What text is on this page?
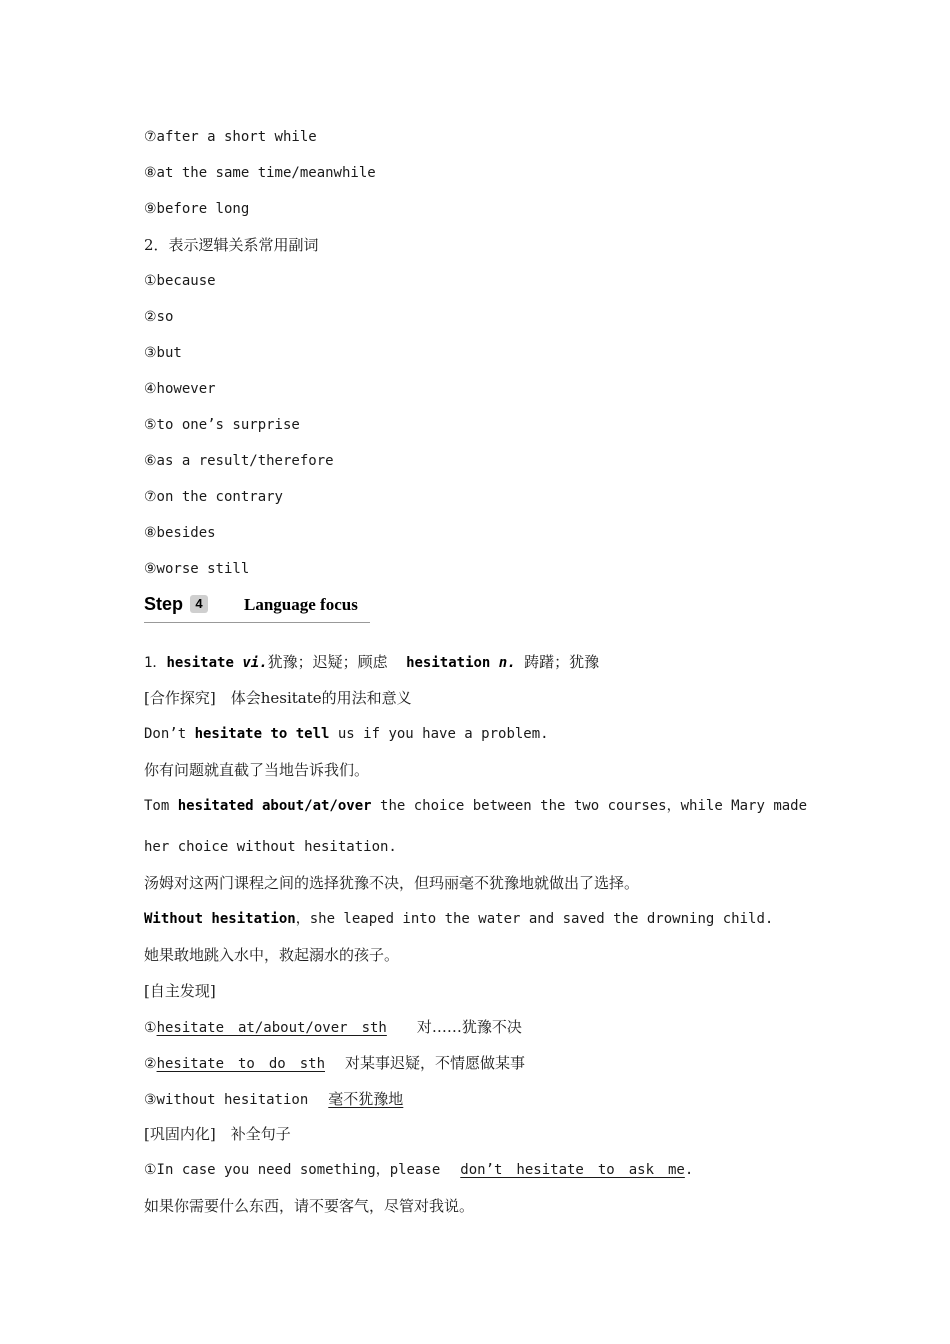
⑦after a short while
⑧at the same time/meanwhile
⑨before long
2．表示逻辑关系常用副词
①because
②so
③but
④however
⑤to one’s surprise
⑥as a result/therefore
⑦on the contrary
⑧besides
⑨worse still
Step 4	Language focus
1．hesitate vi.犹豫；迟疑；顾虑 hesitation n. 踌躇；犹豫
[合作探究]　体会hesitate的用法和意义
Don’t hesitate to tell us if you have a problem.
你有问题就直截了当地告诉我们。
Tom hesitated about/at/over the choice between the two courses，while Mary made
her choice without hesitation.
汤姆对这两门课程之间的选择犹豫不决，但玛丽毫不犹豫地就做出了选择。
Without hesitation，she leaped into the water and saved the drowning child.
她果敢地跳入水中，救起溺水的孩子。
[自主发现]
①hesitate　at/about/over　sth 对……犹豫不决
②hesitate　to　do　sth 对某事迟疑，不情愿做某事
③without hesitation 毫不犹豫地
[巩固内化]　补全句子
①In case you need something，please don’t　hesitate　to　ask　me.
如果你需要什么东西，请不要客气，尽管对我说。
